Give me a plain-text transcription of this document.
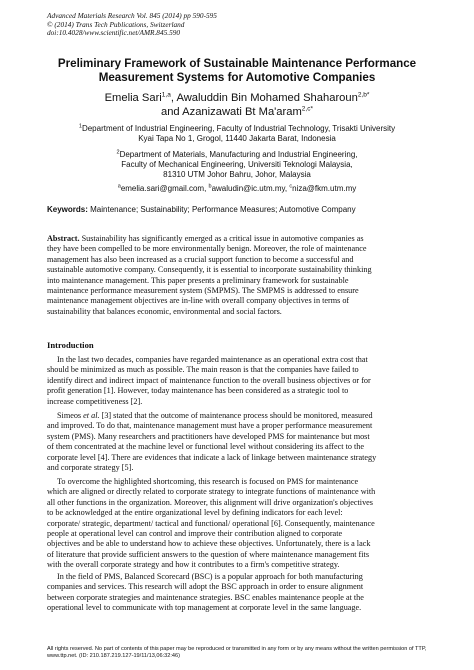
Advanced Materials Research Vol. 845 (2014) pp 590-595
© (2014) Trans Tech Publications, Switzerland
doi:10.4028/www.scientific.net/AMR.845.590
Preliminary Framework of Sustainable Maintenance Performance
Measurement Systems for Automotive Companies
Emelia Sari$^{1,a}$, Awaluddin Bin Mohamed Shaharoun$^{2,b*}$
and Azanizawati Bt Ma'aram$^{2,c*}$
$^1$Department of Industrial Engineering, Faculty of Industrial Technology, Trisakti University
Kyai Tapa No 1, Grogol, 11440 Jakarta Barat, Indonesia
$^2$Department of Materials, Manufacturing and Industrial Engineering,
Faculty of Mechanical Engineering, Universiti Teknologi Malaysia,
81310 UTM Johor Bahru, Johor, Malaysia
$^a$emelia.sari@gmail.com, $^b$awaludin@ic.utm.my, $^c$niza@fkm.utm.my
Keywords: Maintenance; Sustainability; Performance Measures; Automotive Company
Abstract. Sustainability has significantly emerged as a critical issue in automotive companies as
they have been compelled to be more environmentally benign. Moreover, the role of maintenance
management has also been increased as a crucial support function to become a successful and
sustainable automotive company. Consequently, it is essential to incorporate sustainability thinking
into maintenance management. This paper presents a preliminary framework for sustainable
maintenance performance measurement system (SMPMS). The SMPMS is addressed to ensure
maintenance management objectives are in-line with overall company objectives in terms of
sustainability that balances economic, environmental and social factors.
Introduction
In the last two decades, companies have regarded maintenance as an operational extra cost that
should be minimized as much as possible. The main reason is that the companies have failed to
identify direct and indirect impact of maintenance function to the overall business objectives or for
profit generation [1]. However, today maintenance has been considered as a strategic tool to
increase competitiveness [2].
Simeos et al. [3] stated that the outcome of maintenance process should be monitored, measured
and improved. To do that, maintenance management must have a proper performance measurement
system (PMS). Many researchers and practitioners have developed PMS for maintenance but most
of them concentrated at the machine level or functional level without considering its affect to the
corporate level [4]. There are evidences that indicate a lack of linkage between maintenance strategy
and corporate strategy [5].
To overcome the highlighted shortcoming, this research is focused on PMS for maintenance
which are aligned or directly related to corporate strategy to integrate functions of maintenance with
all other functions in the organization. Moreover, this alignment will drive organization's objectives
to be acknowledged at the entire organizational level by defining indicators for each level:
corporate/ strategic, department/ tactical and functional/ operational [6]. Consequently, maintenance
people at operational level can control and improve their contribution aligned to corporate
objectives and be able to understand how to achieve these objectives. Unfortunately, there is a lack
of literature that provide sufficient answers to the question of where maintenance management fits
with the overall corporate strategy and how it contributes to a firm's competitive strategy.
In the field of PMS, Balanced Scorecard (BSC) is a popular approach for both manufacturing
companies and services. This research will adopt the BSC approach in order to ensure alignment
between corporate strategies and maintenance strategies. BSC enables maintenance people at the
operational level to communicate with top management at corporate level in the same language.
All rights reserved. No part of contents of this paper may be reproduced or transmitted in any form or by any means without the written permission of TTP,
www.ttp.net. (ID: 210.187.219.127-19/11/13,06:32:46)
